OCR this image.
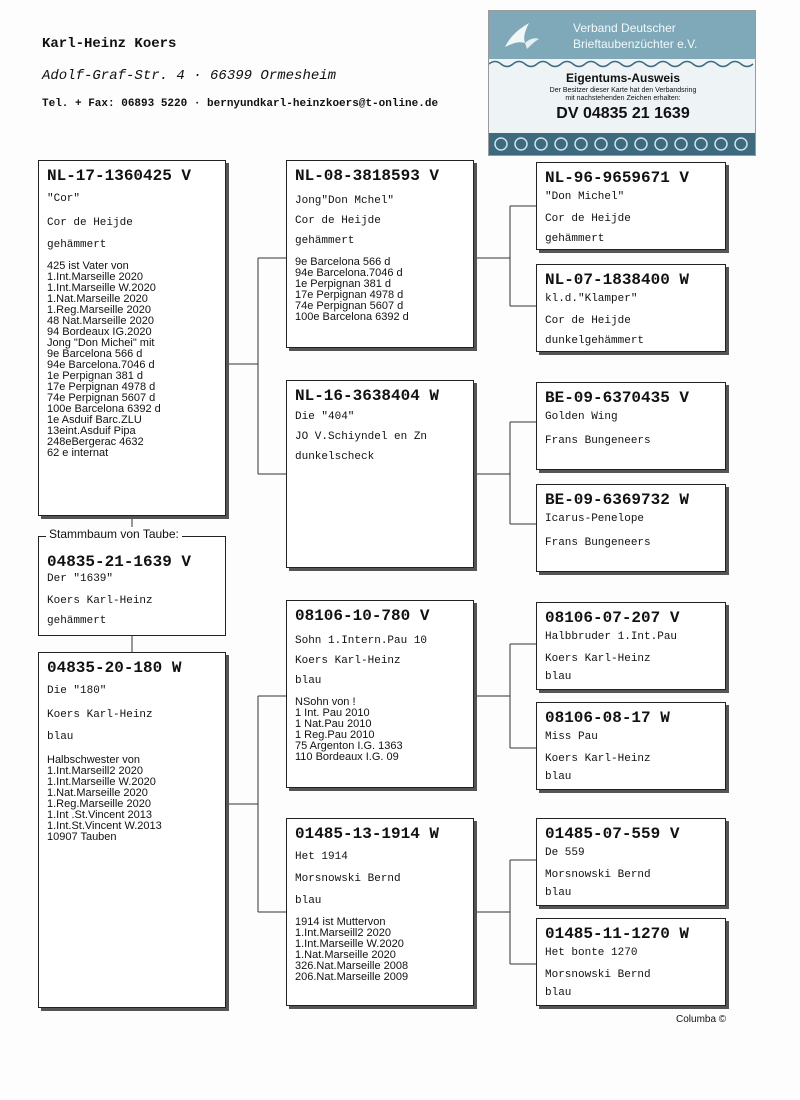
Karl-Heinz Koers
Adolf-Graf-Str. 4 · 66399 Ormesheim
Tel. + Fax: 06893 5220 · bernyundkarl-heinzkoers@t-online.de
Verband Deutscher
Brieftaubenzüchter e.V.
Eigentums-Ausweis
Der Besitzer dieser Karte hat den Verbandsring
mit nachstehenden Zeichen erhalten:
DV 04835 21 1639
NL-17-1360425 V
"Cor"
Cor de Heijde
gehämmert
425 ist Vater von
1.Int.Marseille 2020
1.Int.Marseille W.2020
1.Nat.Marseille 2020
1.Reg.Marseille 2020
48 Nat.Marseille 2020
94 Bordeaux IG.2020
Jong "Don Michei" mit
9e Barcelona 566 d
94e Barcelona.7046 d
1e Perpignan 381 d
17e Perpignan 4978 d
74e Perpignan 5607 d
100e Barcelona 6392 d
1e Asduif Barc.ZLU
13eint.Asduif Pipa
248eBergerac 4632
62 e internat
04835-21-1639 V
Der "1639"
Koers Karl-Heinz
gehämmert
Stammbaum von Taube:
04835-20-180 W
Die "180"
Koers Karl-Heinz
blau
Halbschwester von
1.Int.Marseill2 2020
1.Int.Marseille W.2020
1.Nat.Marseille 2020
1.Reg.Marseille 2020
1.Int .St.Vincent 2013
1.Int.St.Vincent W.2013
10907 Tauben
NL-08-3818593 V
Jong"Don Mchel"
Cor de Heijde
gehämmert
9e Barcelona 566 d
94e Barcelona.7046 d
1e Perpignan 381 d
17e Perpignan 4978 d
74e Perpignan 5607 d
100e Barcelona 6392 d
NL-16-3638404 W
Die "404"
JO V.Schiyndel en Zn
dunkelscheck
08106-10-780 V
Sohn 1.Intern.Pau 10
Koers Karl-Heinz
blau
NSohn von !
1 Int. Pau 2010
1 Nat.Pau 2010
1 Reg.Pau 2010
75 Argenton I.G. 1363
110 Bordeaux I.G. 09
01485-13-1914 W
Het 1914
Morsnowski Bernd
blau
1914 ist Muttervon
1.Int.Marseill2 2020
1.Int.Marseille W.2020
1.Nat.Marseille 2020
326.Nat.Marseille 2008
206.Nat.Marseille 2009
NL-96-9659671 V
"Don Michel"
Cor de Heijde
gehämmert
NL-07-1838400 W
kl.d."Klamper"
Cor de Heijde
dunkelgehämmert
BE-09-6370435 V
Golden Wing
Frans Bungeneers
BE-09-6369732 W
Icarus-Penelope
Frans Bungeneers
08106-07-207 V
Halbbruder 1.Int.Pau
Koers Karl-Heinz
blau
08106-08-17 W
Miss Pau
Koers Karl-Heinz
blau
01485-07-559 V
De 559
Morsnowski Bernd
blau
01485-11-1270 W
Het bonte 1270
Morsnowski Bernd
blau
Columba ©
